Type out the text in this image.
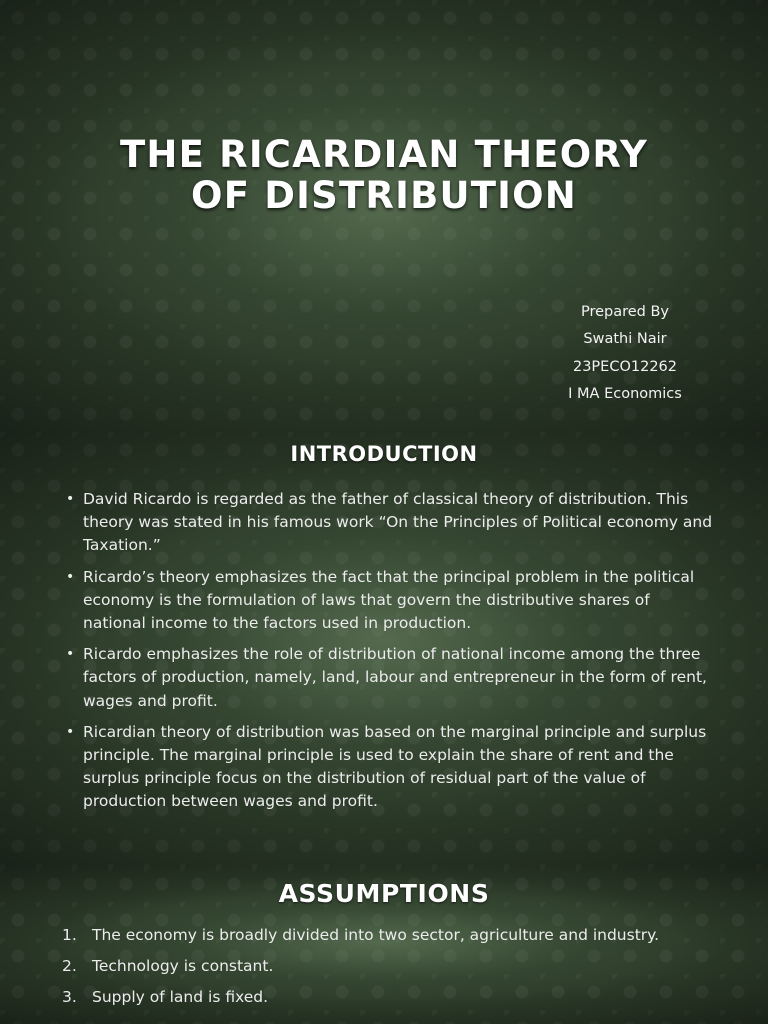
THE RICARDIAN THEORY
OF DISTRIBUTION
Prepared By
Swathi Nair
23PECO12262
I MA Economics
INTRODUCTION
• David Ricardo is regarded as the father of classical theory of distribution. This theory was stated in his famous work “On the Principles of Political economy and Taxation.”
• Ricardo’s theory emphasizes the fact that the principal problem in the political economy is the formulation of laws that govern the distributive shares of national income to the factors used in production.
• Ricardo emphasizes the role of distribution of national income among the three factors of production, namely, land, labour and entrepreneur in the form of rent, wages and profit.
• Ricardian theory of distribution was based on the marginal principle and surplus principle. The marginal principle is used to explain the share of rent and the surplus principle focus on the distribution of residual part of the value of production between wages and profit.
ASSUMPTIONS
1. The economy is broadly divided into two sector, agriculture and industry.
2. Technology is constant.
3. Supply of land is fixed.
